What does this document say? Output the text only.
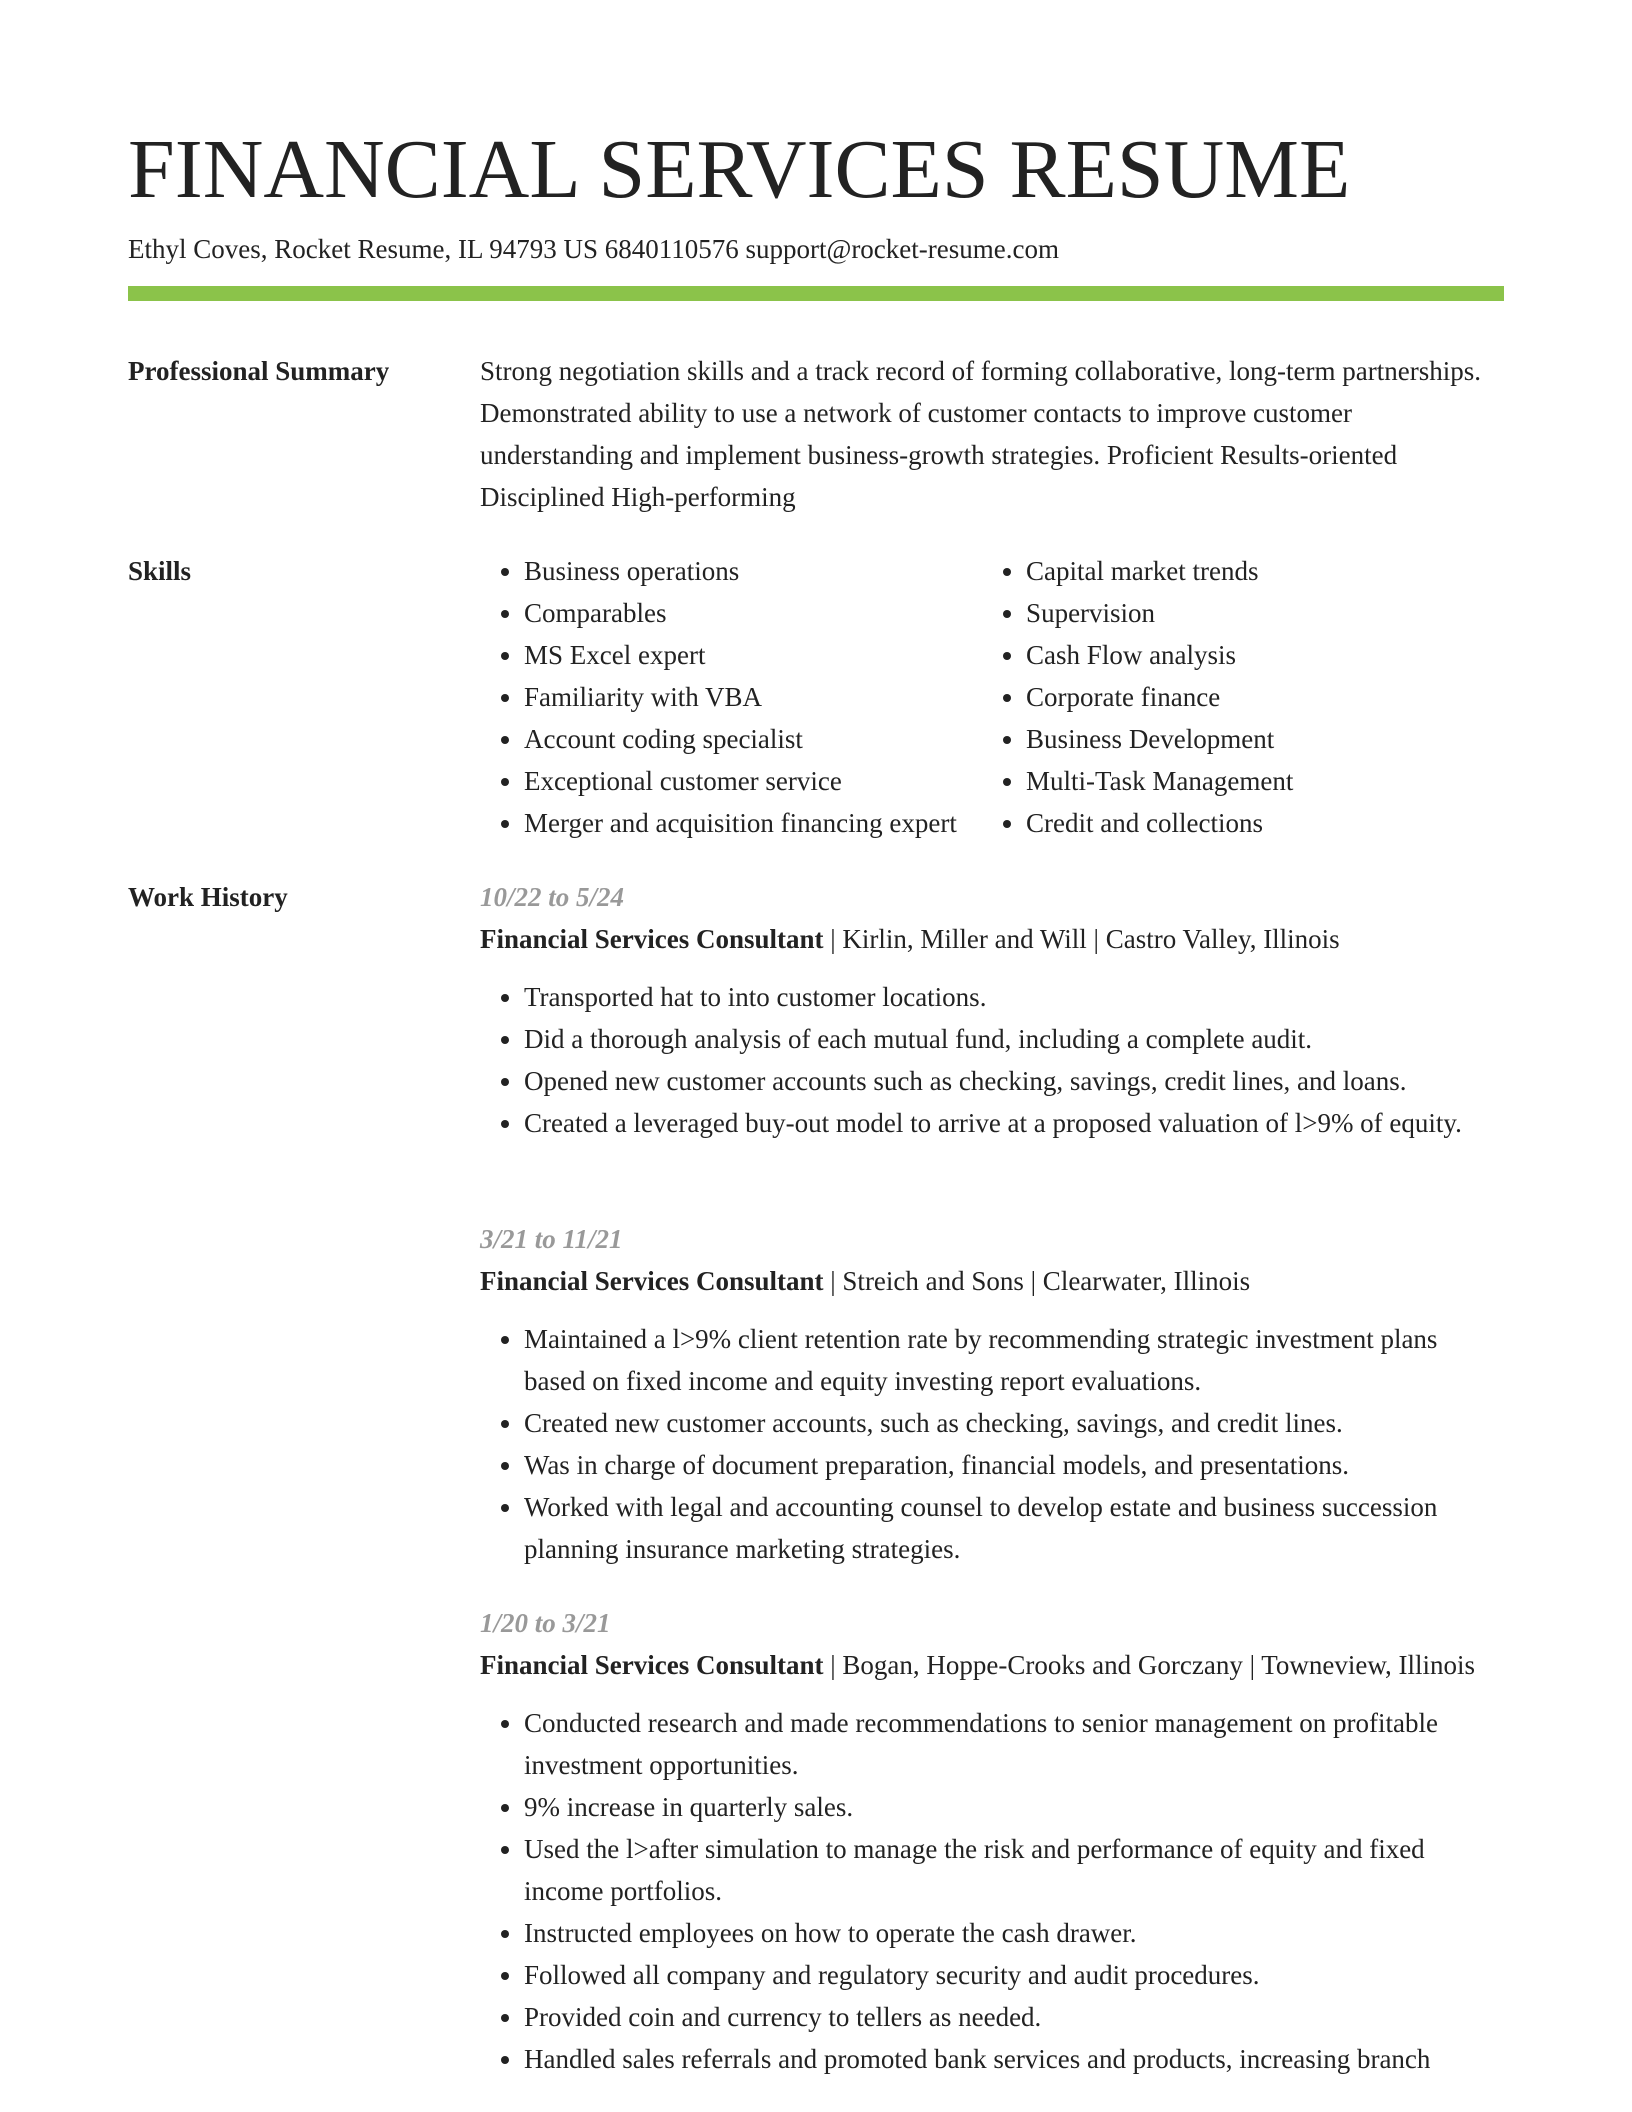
FINANCIAL SERVICES RESUME
Ethyl Coves, Rocket Resume, IL 94793 US 6840110576 support@rocket-resume.com
Professional Summary	Strong negotiation skills and a track record of forming collaborative, long-term partnerships. Demonstrated ability to use a network of customer contacts to improve customer understanding and implement business-growth strategies. Proficient Results-oriented Disciplined High-performing
Skills
•	Business operations
• Comparables
• MS Excel expert
• Familiarity with VBA
• Account coding specialist
• Exceptional customer service
• Merger and acquisition financing expert
• Capital market trends
• Supervision
• Cash Flow analysis
• Corporate finance
• Business Development
• Multi-Task Management
• Credit and collections
Work History	10/22 to 5/24
Financial Services Consultant | Kirlin, Miller and Will | Castro Valley, Illinois
• Transported hat to into customer locations.
• Did a thorough analysis of each mutual fund, including a complete audit.
• Opened new customer accounts such as checking, savings, credit lines, and loans.
• Created a leveraged buy-out model to arrive at a proposed valuation of l>9% of equity.
3/21 to 11/21
Financial Services Consultant | Streich and Sons | Clearwater, Illinois
• Maintained a l>9% client retention rate by recommending strategic investment plans based on fixed income and equity investing report evaluations.
• Created new customer accounts, such as checking, savings, and credit lines.
• Was in charge of document preparation, financial models, and presentations.
• Worked with legal and accounting counsel to develop estate and business succession planning insurance marketing strategies.
1/20 to 3/21
Financial Services Consultant | Bogan, Hoppe-Crooks and Gorczany | Towneview, Illinois
• Conducted research and made recommendations to senior management on profitable investment opportunities.
• 9% increase in quarterly sales.
• Used the l>after simulation to manage the risk and performance of equity and fixed income portfolios.
• Instructed employees on how to operate the cash drawer.
• Followed all company and regulatory security and audit procedures.
• Provided coin and currency to tellers as needed.
• Handled sales referrals and promoted bank services and products, increasing branch
